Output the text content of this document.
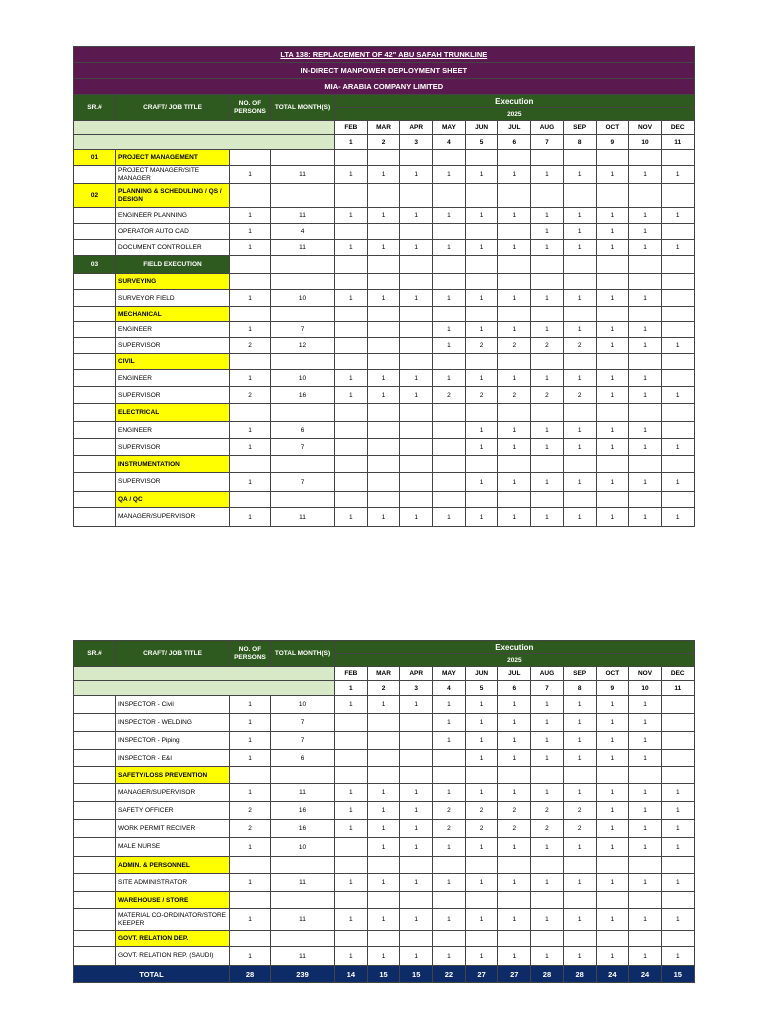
LTA 138: REPLACEMENT OF 42" ABU SAFAH TRUNKLINE														
IN-DIRECT MANPOWER DEPLOYMENT SHEET														
MIA- ARABIA COMPANY LIMITED														
SR.#	CRAFT/ JOB TITLE	NO. OF PERSONS	TOTAL MONTH(S)	Execution										
				2025										
				FEB	MAR	APR	MAY	JUN	JUL	AUG	SEP	OCT	NOV	DEC
				1	2	3	4	5	6	7	8	9	10	11
01	PROJECT MANAGEMENT													
	PROJECT MANAGER/SITE MANAGER	1	11	1	1	1	1	1	1	1	1	1	1	1
02	PLANNING & SCHEDULING / QS / DESIGN													
	ENGINEER PLANNING	1	11	1	1	1	1	1	1	1	1	1	1	1
	OPERATOR AUTO CAD	1	4							1	1	1	1	
	DOCUMENT CONTROLLER	1	11	1	1	1	1	1	1	1	1	1	1	1
03	FIELD EXECUTION													
	SURVEYING													
	SURVEYOR FIELD	1	10	1	1	1	1	1	1	1	1	1	1	
	MECHANICAL													
	ENGINEER	1	7				1	1	1	1	1	1	1	
	SUPERVISOR	2	12				1	2	2	2	2	1	1	1
	CIVIL													
	ENGINEER	1	10	1	1	1	1	1	1	1	1	1	1	
	SUPERVISOR	2	16	1	1	1	2	2	2	2	2	1	1	1
	ELECTRICAL													
	ENGINEER	1	6					1	1	1	1	1	1	
	SUPERVISOR	1	7					1	1	1	1	1	1	1
	INSTRUMENTATION													
	SUPERVISOR	1	7					1	1	1	1	1	1	1
	QA / QC													
	MANAGER/SUPERVISOR	1	11	1	1	1	1	1	1	1	1	1	1	1
SR.#	CRAFT/ JOB TITLE	NO. OF PERSONS	TOTAL MONTH(S)	Execution										
				2025										
				FEB	MAR	APR	MAY	JUN	JUL	AUG	SEP	OCT	NOV	DEC
				1	2	3	4	5	6	7	8	9	10	11
	INSPECTOR - Civil	1	10	1	1	1	1	1	1	1	1	1	1	
	INSPECTOR - WELDING	1	7				1	1	1	1	1	1	1	
	INSPECTOR - Piping	1	7				1	1	1	1	1	1	1	
	INSPECTOR - E&I	1	6					1	1	1	1	1	1	
	SAFETY/LOSS PREVENTION													
	MANAGER/SUPERVISOR	1	11	1	1	1	1	1	1	1	1	1	1	1
	SAFETY OFFICER	2	16	1	1	1	2	2	2	2	2	1	1	1
	WORK PERMIT RECIVER	2	16	1	1	1	2	2	2	2	2	1	1	1
	MALE NURSE	1	10		1	1	1	1	1	1	1	1	1	1
	ADMIN. & PERSONNEL													
	SITE ADMINISTRATOR	1	11	1	1	1	1	1	1	1	1	1	1	1
	WAREHOUSE / STORE													
	MATERIAL CO-ORDINATOR/STORE KEEPER	1	11	1	1	1	1	1	1	1	1	1	1	1
	GOVT. RELATION DEP.													
	GOVT. RELATION REP. (SAUDI)	1	11	1	1	1	1	1	1	1	1	1	1	1
TOTAL		28	239	14	15	15	22	27	27	28	28	24	24	15
